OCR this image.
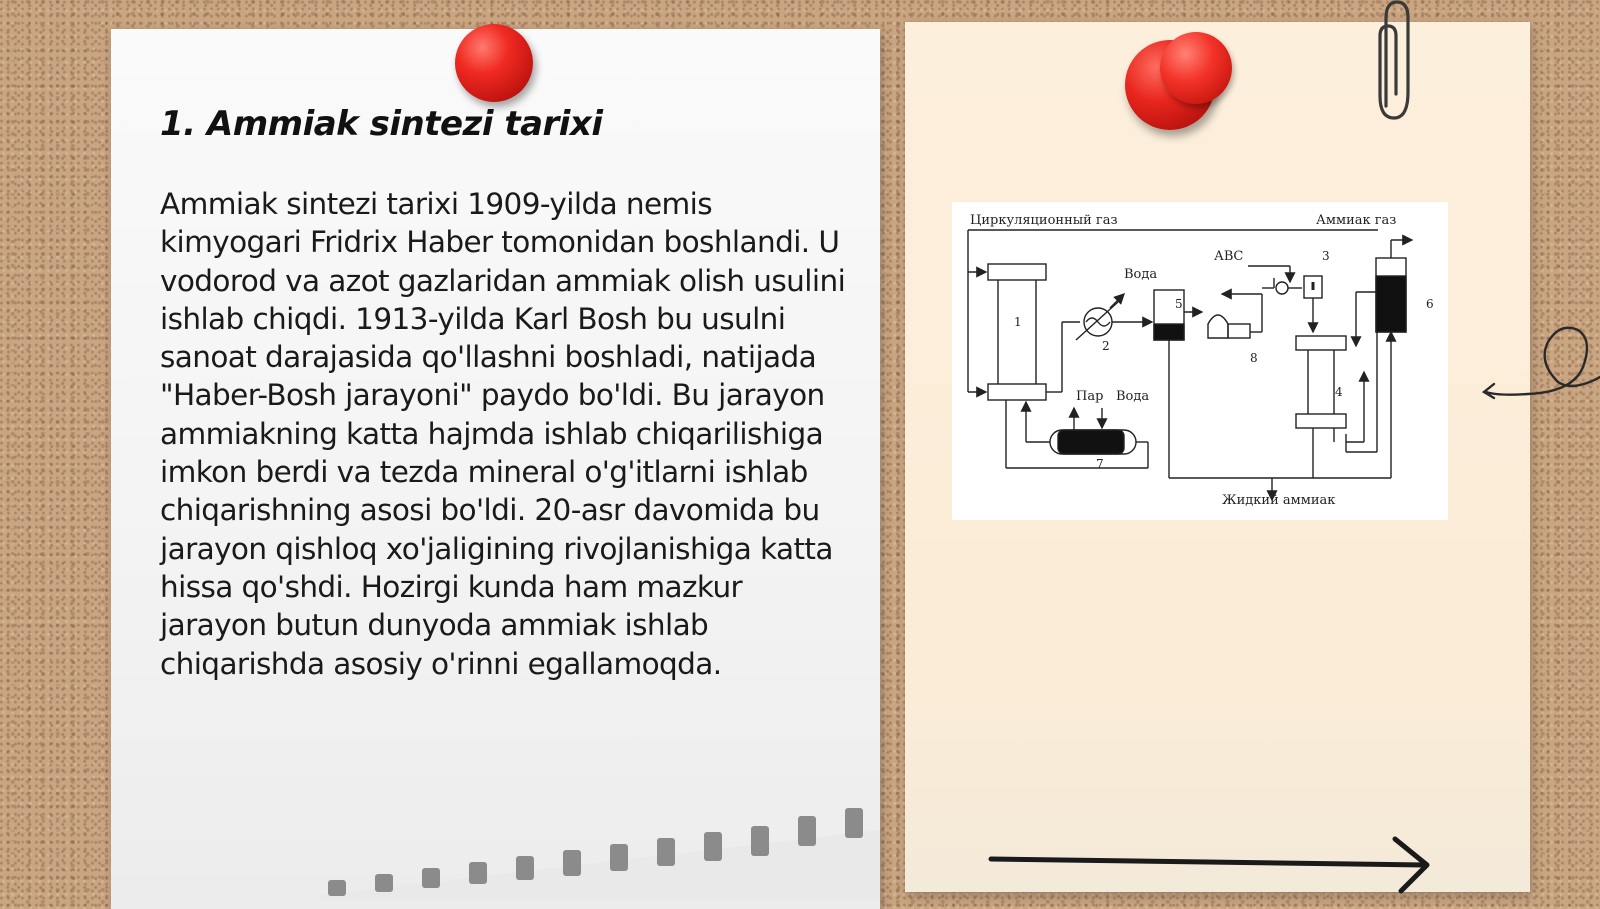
1. Ammiak sintezi tarixi

Ammiak sintezi tarixi 1909-yilda nemis kimyogari Fridrix Haber tomonidan boshlandi. U vodorod va azot gazlaridan ammiak olish usulini ishlab chiqdi. 1913-yilda Karl Bosh bu usulni sanoat darajasida qo'llashni boshladi, natijada "Haber-Bosh jarayoni" paydo bo'ldi. Bu jarayon ammiakning katta hajmda ishlab chiqarilishiga imkon berdi va tezda mineral o'g'itlarni ishlab chiqarishning asosi bo'ldi. 20-asr davomida bu jarayon qishloq xo'jaligining rivojlanishiga katta hissa qo'shdi. Hozirgi kunda ham mazkur jarayon butun dunyoda ammiak ishlab chiqarishda asosiy o'rinni egallamoqda.

Циркуляционный газ	Аммиак газ
АВС
Вода
Пар Вода
Жидкий аммиак
1
2
3
4
5	6
7
8
